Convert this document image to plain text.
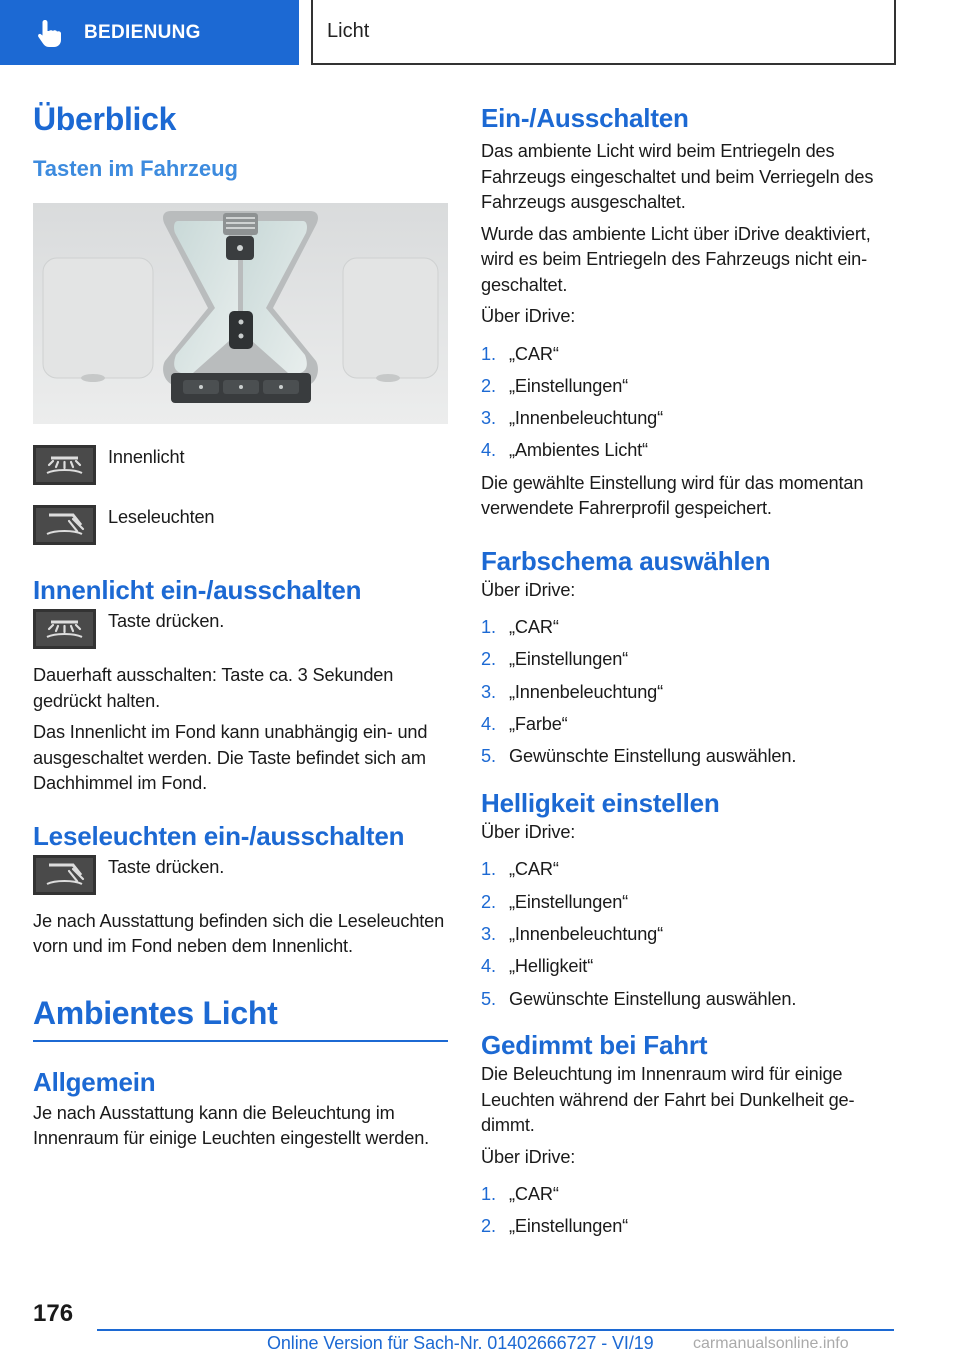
BEDIENUNG	Licht
Überblick
Tasten im Fahrzeug

Innenlicht

Leseleuchten

Innenlicht ein-/ausschalten

Taste drücken.

Dauerhaft ausschalten: Taste ca. 3 Sekunden gedrückt halten.

Das Innenlicht im Fond kann unabhängig ein- und ausgeschaltet werden. Die Taste befindet sich am Dachhimmel im Fond.

Leseleuchten ein-/ausschalten

Taste drücken.

Je nach Ausstattung befinden sich die Leseleuchten vorn und im Fond neben dem Innenlicht.

Ambientes Licht
Allgemein

Je nach Ausstattung kann die Beleuchtung im Innenraum für einige Leuchten eingestellt werden.

Ein-/Ausschalten

Das ambiente Licht wird beim Entriegeln des Fahrzeugs eingeschaltet und beim Verriegeln des Fahrzeugs ausgeschaltet.

Wurde das ambiente Licht über iDrive deaktiviert, wird es beim Entriegeln des Fahrzeugs nicht eingeschaltet.

Über iDrive:

1. „CAR“
2. „Einstellungen“
3. „Innenbeleuchtung“
4. „Ambientes Licht“

Die gewählte Einstellung wird für das momentan verwendete Fahrerprofil gespeichert.

Farbschema auswählen

Über iDrive:

1. „CAR“
2. „Einstellungen“
3. „Innenbeleuchtung“
4. „Farbe“
5. Gewünschte Einstellung auswählen.
Helligkeit einstellen

Über iDrive:

1. „CAR“
2. „Einstellungen“
3. „Innenbeleuchtung“
4. „Helligkeit“
5. Gewünschte Einstellung auswählen.
Gedimmt bei Fahrt

Die Beleuchtung im Innenraum wird für einige Leuchten während der Fahrt bei Dunkelheit gedimmt.

Über iDrive:

1. „CAR“
2. „Einstellungen“
176
Online Version für Sach-Nr. 01402666727 - VI/19 carmanualsonline.info
